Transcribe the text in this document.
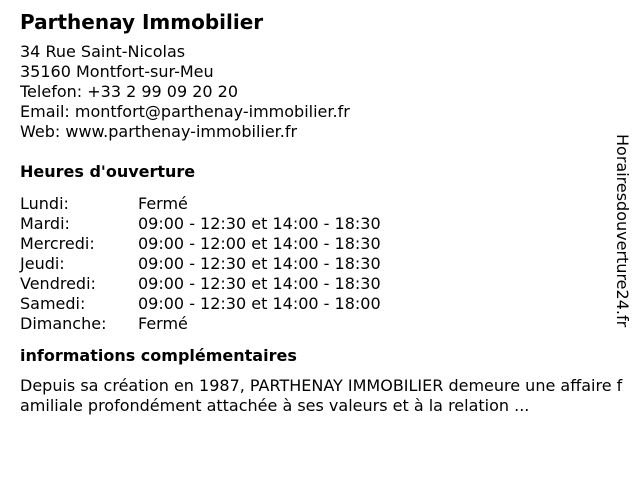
Parthenay Immobilier
34 Rue Saint-Nicolas
35160 Montfort-sur-Meu
Telefon: +33 2 99 09 20 20
Email: montfort@parthenay-immobilier.fr
Web: www.parthenay-immobilier.fr
Heures d'ouverture
Lundi:	Fermé
Mardi:	09:00 - 12:30 et 14:00 - 18:30
Mercredi:	09:00 - 12:00 et 14:00 - 18:30
Jeudi:	09:00 - 12:30 et 14:00 - 18:30
Vendredi:	09:00 - 12:30 et 14:00 - 18:30
Samedi:	09:00 - 12:30 et 14:00 - 18:00
Dimanche: Fermé
informations complémentaires
Depuis sa création en 1987, PARTHENAY IMMOBILIER demeure une affaire familiale profondément attachée à ses valeurs et à la relation ...
Horairesdouverture24.fr
